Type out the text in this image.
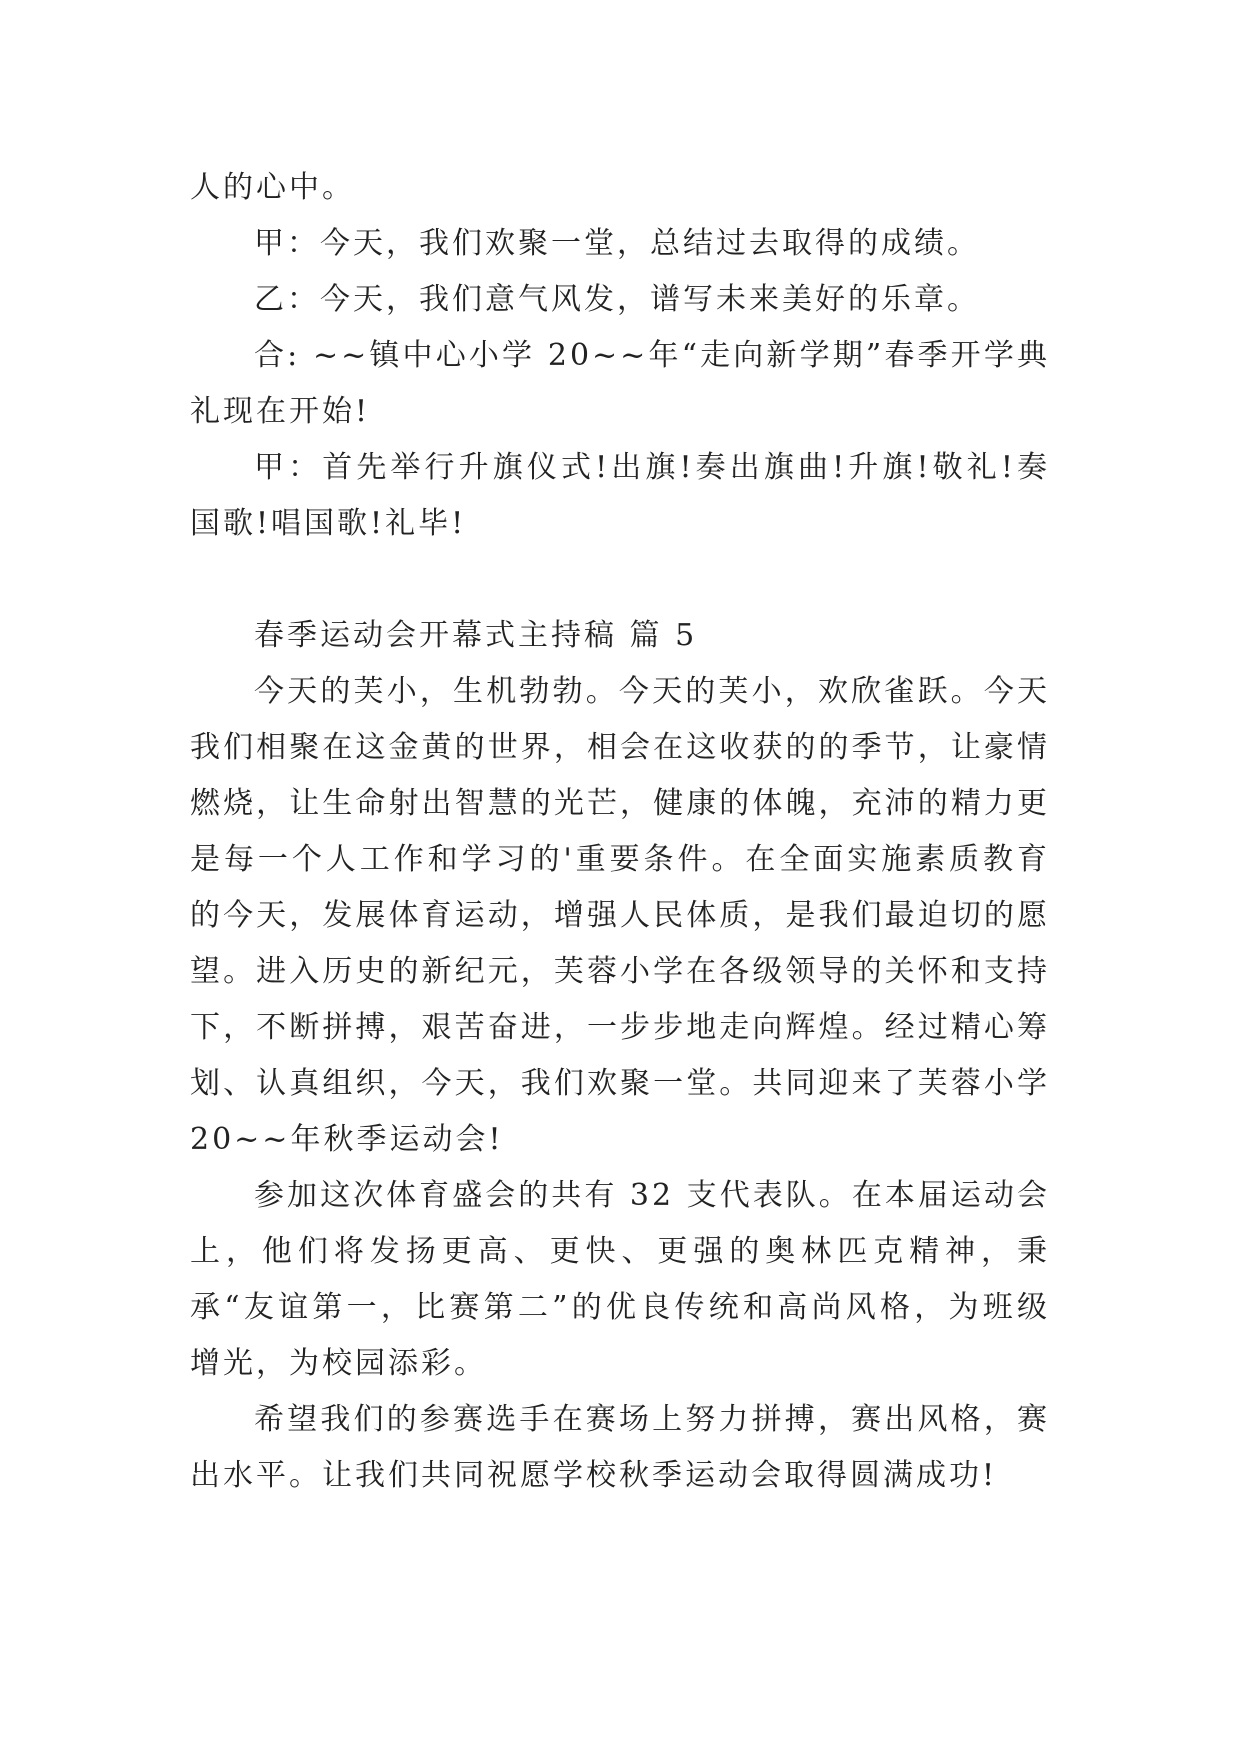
人的心中。

甲：今天，我们欢聚一堂，总结过去取得的成绩。

乙：今天，我们意气风发，谱写未来美好的乐章。

合: ~~镇中心小学 20~~年“走向新学期”春季开学典礼现在开始!

甲：首先举行升旗仪式!出旗!奏出旗曲!升旗!敬礼!奏国歌!唱国歌!礼毕!

春季运动会开幕式主持稿 篇 5

今天的芙小，生机勃勃。今天的芙小，欢欣雀跃。今天我们相聚在这金黄的世界，相会在这收获的的季节，让豪情燃烧，让生命射出智慧的光芒，健康的体魄，充沛的精力更是每一个人工作和学习的'重要条件。在全面实施素质教育的今天，发展体育运动，增强人民体质，是我们最迫切的愿望。进入历史的新纪元，芙蓉小学在各级领导的关怀和支持下，不断拼搏，艰苦奋进，一步步地走向辉煌。经过精心筹划、认真组织，今天，我们欢聚一堂。共同迎来了芙蓉小学 20~~年秋季运动会!

参加这次体育盛会的共有 32 支代表队。在本届运动会上，他们将发扬更高、更快、更强的奥林匹克精神，秉承“友谊第一，比赛第二”的优良传统和高尚风格，为班级增光，为校园添彩。

希望我们的参赛选手在赛场上努力拼搏，赛出风格，赛出水平。让我们共同祝愿学校秋季运动会取得圆满成功!
